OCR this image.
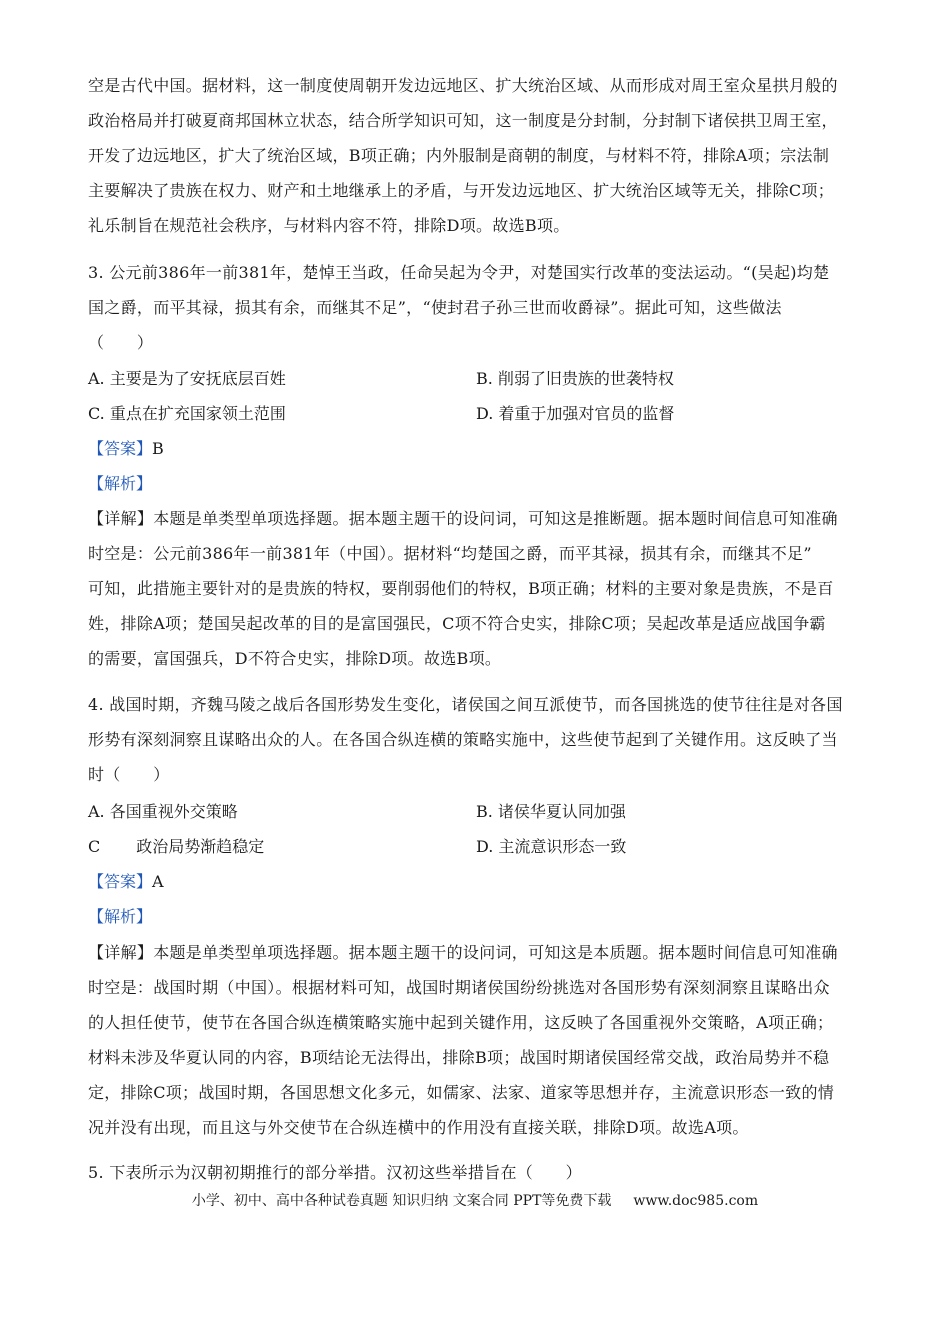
空是古代中国。据材料，这一制度使周朝开发边远地区、扩大统治区域、从而形成对周王室众星拱月般的
政治格局并打破夏商邦国林立状态，结合所学知识可知，这一制度是分封制，分封制下诸侯拱卫周王室，
开发了边远地区，扩大了统治区域，B项正确；内外服制是商朝的制度，与材料不符，排除A项；宗法制
主要解决了贵族在权力、财产和土地继承上的矛盾，与开发边远地区、扩大统治区域等无关，排除C项；
礼乐制旨在规范社会秩序，与材料内容不符，排除D项。故选B项。
3. 公元前386年一前381年，楚悼王当政，任命吴起为令尹，对楚国实行改革的变法运动。“(吴起)均楚
国之爵，而平其禄，损其有余，而继其不足”，“使封君子孙三世而收爵禄”。据此可知，这些做法
（　　）
A. 主要是为了安抚底层百姓	B. 削弱了旧贵族的世袭特权
C. 重点在扩充国家领土范围	D. 着重于加强对官员的监督
【答案】B
【解析】
【详解】本题是单类型单项选择题。据本题主题干的设问词，可知这是推断题。据本题时间信息可知准确
时空是：公元前386年一前381年（中国）。据材料“均楚国之爵，而平其禄，损其有余，而继其不足”
可知，此措施主要针对的是贵族的特权，要削弱他们的特权，B项正确；材料的主要对象是贵族，不是百
姓，排除A项；楚国吴起改革的目的是富国强民，C项不符合史实，排除C项；吴起改革是适应战国争霸
的需要，富国强兵，D不符合史实，排除D项。故选B项。
4. 战国时期，齐魏马陵之战后各国形势发生变化，诸侯国之间互派使节，而各国挑选的使节往往是对各国
形势有深刻洞察且谋略出众的人。在各国合纵连横的策略实施中，这些使节起到了关键作用。这反映了当
时（　　）
A. 各国重视外交策略	B. 诸侯华夏认同加强
C 政治局势渐趋稳定	D. 主流意识形态一致
【答案】A
【解析】
【详解】本题是单类型单项选择题。据本题主题干的设问词，可知这是本质题。据本题时间信息可知准确
时空是：战国时期（中国）。根据材料可知，战国时期诸侯国纷纷挑选对各国形势有深刻洞察且谋略出众
的人担任使节，使节在各国合纵连横策略实施中起到关键作用，这反映了各国重视外交策略，A项正确；
材料未涉及华夏认同的内容，B项结论无法得出，排除B项；战国时期诸侯国经常交战，政治局势并不稳
定，排除C项；战国时期，各国思想文化多元，如儒家、法家、道家等思想并存，主流意识形态一致的情
况并没有出现，而且这与外交使节在合纵连横中的作用没有直接关联，排除D项。故选A项。
5. 下表所示为汉朝初期推行的部分举措。汉初这些举措旨在（　　）
小学、初中、高中各种试卷真题 知识归纳 文案合同 PPT等免费下载 www.doc985.com
